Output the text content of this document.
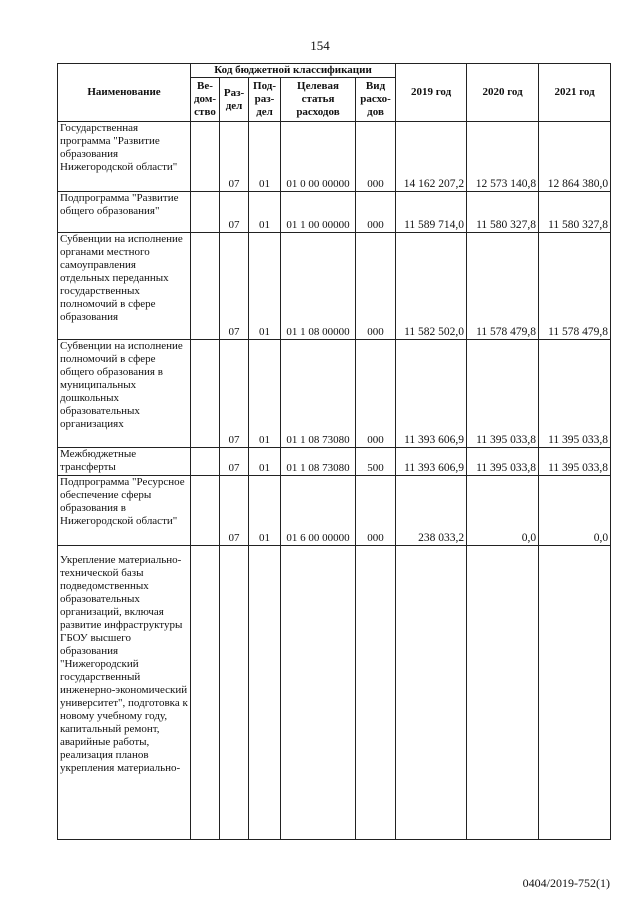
154
Наименование	Код бюджетной классификации					2019 год	2020 год	2021 год
	Ве-дом-ство	Раз-дел	Под-раз-дел	Целевая статья расходов	Вид расхо-дов			
Государственная программа "Развитие образования Нижегородской области"		07	01	01 0 00 00000	000	14 162 207,2	12 573 140,8	12 864 380,0
Подпрограмма "Развитие общего образования"		07	01	01 1 00 00000	000	11 589 714,0	11 580 327,8	11 580 327,8
Субвенции на исполнение органами местного самоуправления отдельных переданных государственных полномочий в сфере образования		07	01	01 1 08 00000	000	11 582 502,0	11 578 479,8	11 578 479,8
Субвенции на исполнение полномочий в сфере общего образования в муниципальных дошкольных образовательных организациях		07	01	01 1 08 73080	000	11 393 606,9	11 395 033,8	11 395 033,8
Межбюджетные трансферты		07	01	01 1 08 73080	500	11 393 606,9	11 395 033,8	11 395 033,8
Подпрограмма "Ресурсное обеспечение сферы образования в Нижегородской области"		07	01	01 6 00 00000	000	238 033,2	0,0	0,0
Укрепление материально-технической базы подведомственных образовательных организаций, включая развитие инфраструктуры ГБОУ высшего образования "Нижегородский государственный инженерно-экономический университет", подготовка к новому учебному году, капитальный ремонт, аварийные работы, реализация планов укрепления материально-								
0404/2019-752(1)
